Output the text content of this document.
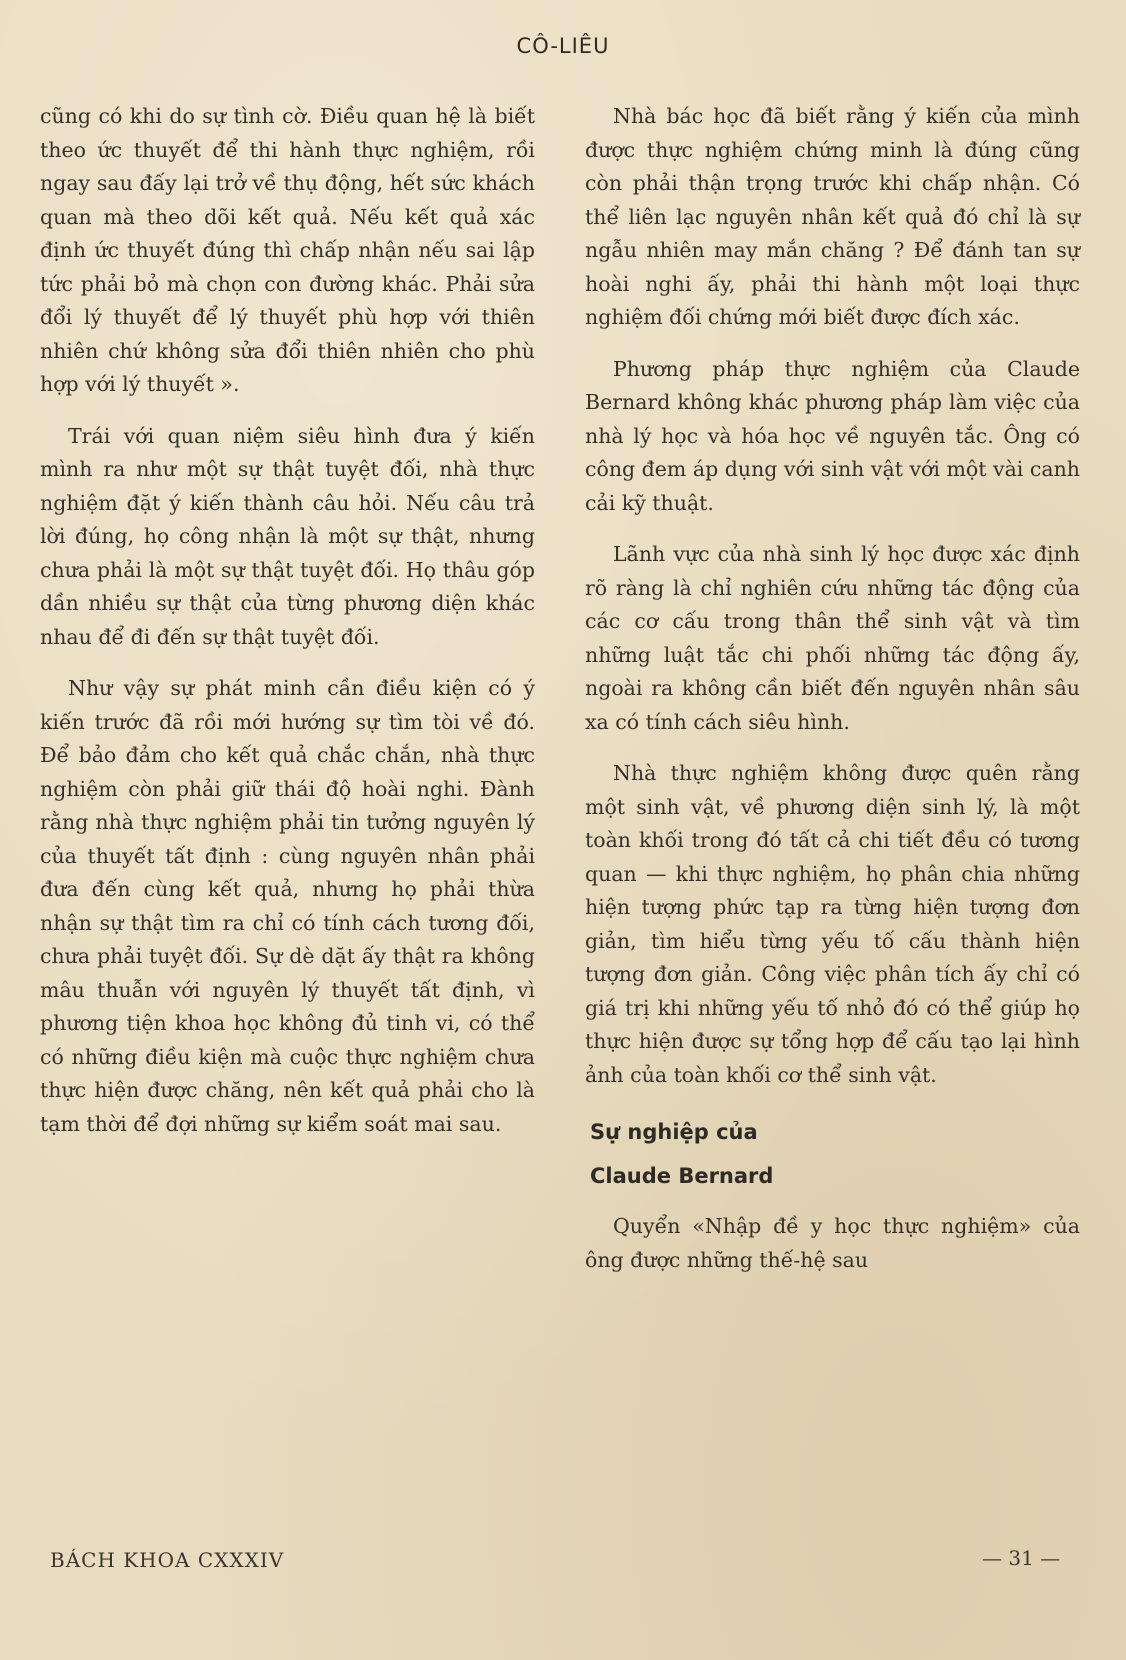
CÔ-LIÊU

cũng có khi do sự tình cờ. Điều quan hệ là biết theo ức thuyết để thi hành thực nghiệm, rồi ngay sau đấy lại trở về thụ động, hết sức khách quan mà theo dõi kết quả. Nếu kết quả xác định ức thuyết đúng thì chấp nhận nếu sai lập tức phải bỏ mà chọn con đường khác. Phải sửa đổi lý thuyết để lý thuyết phù hợp với thiên nhiên chứ không sửa đổi thiên nhiên cho phù hợp với lý thuyết ».

Trái với quan niệm siêu hình đưa ý kiến mình ra như một sự thật tuyệt đối, nhà thực nghiệm đặt ý kiến thành câu hỏi. Nếu câu trả lời đúng, họ công nhận là một sự thật, nhưng chưa phải là một sự thật tuyệt đối. Họ thâu góp dần nhiều sự thật của từng phương diện khác nhau để đi đến sự thật tuyệt đối.

Như vậy sự phát minh cần điều kiện có ý kiến trước đã rồi mới hướng sự tìm tòi về đó. Để bảo đảm cho kết quả chắc chắn, nhà thực nghiệm còn phải giữ thái độ hoài nghi. Đành rằng nhà thực nghiệm phải tin tưởng nguyên lý của thuyết tất định : cùng nguyên nhân phải đưa đến cùng kết quả, nhưng họ phải thừa nhận sự thật tìm ra chỉ có tính cách tương đối, chưa phải tuyệt đối. Sự dè dặt ấy thật ra không mâu thuẫn với nguyên lý thuyết tất định, vì phương tiện khoa học không đủ tinh vi, có thể có những điều kiện mà cuộc thực nghiệm chưa thực hiện được chăng, nên kết quả phải cho là tạm thời để đợi những sự kiểm soát mai sau.

Nhà bác học đã biết rằng ý kiến của mình được thực nghiệm chứng minh là đúng cũng còn phải thận trọng trước khi chấp nhận. Có thể liên lạc nguyên nhân kết quả đó chỉ là sự ngẫu nhiên may mắn chăng ? Để đánh tan sự hoài nghi ấy, phải thi hành một loại thực nghiệm đối chứng mới biết được đích xác.

Phương pháp thực nghiệm của Claude Bernard không khác phương pháp làm việc của nhà lý học và hóa học về nguyên tắc. Ông có công đem áp dụng với sinh vật với một vài canh cải kỹ thuật.

Lãnh vực của nhà sinh lý học được xác định rõ ràng là chỉ nghiên cứu những tác động của các cơ cấu trong thân thể sinh vật và tìm những luật tắc chi phối những tác động ấy, ngoài ra không cần biết đến nguyên nhân sâu xa có tính cách siêu hình.

Nhà thực nghiệm không được quên rằng một sinh vật, về phương diện sinh lý, là một toàn khối trong đó tất cả chi tiết đều có tương quan — khi thực nghiệm, họ phân chia những hiện tượng phức tạp ra từng hiện tượng đơn giản, tìm hiểu từng yếu tố cấu thành hiện tượng đơn giản. Công việc phân tích ấy chỉ có giá trị khi những yếu tố nhỏ đó có thể giúp họ thực hiện được sự tổng hợp để cấu tạo lại hình ảnh của toàn khối cơ thể sinh vật.

Sự nghiệp của
Claude Bernard

Quyển «Nhập đề y học thực nghiệm» của ông được những thế-hệ sau

BÁCH KHOA CXXXIV	— 31 —
